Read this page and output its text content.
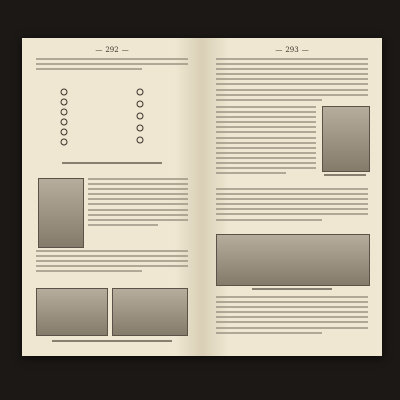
— 292 —
—	293 —
